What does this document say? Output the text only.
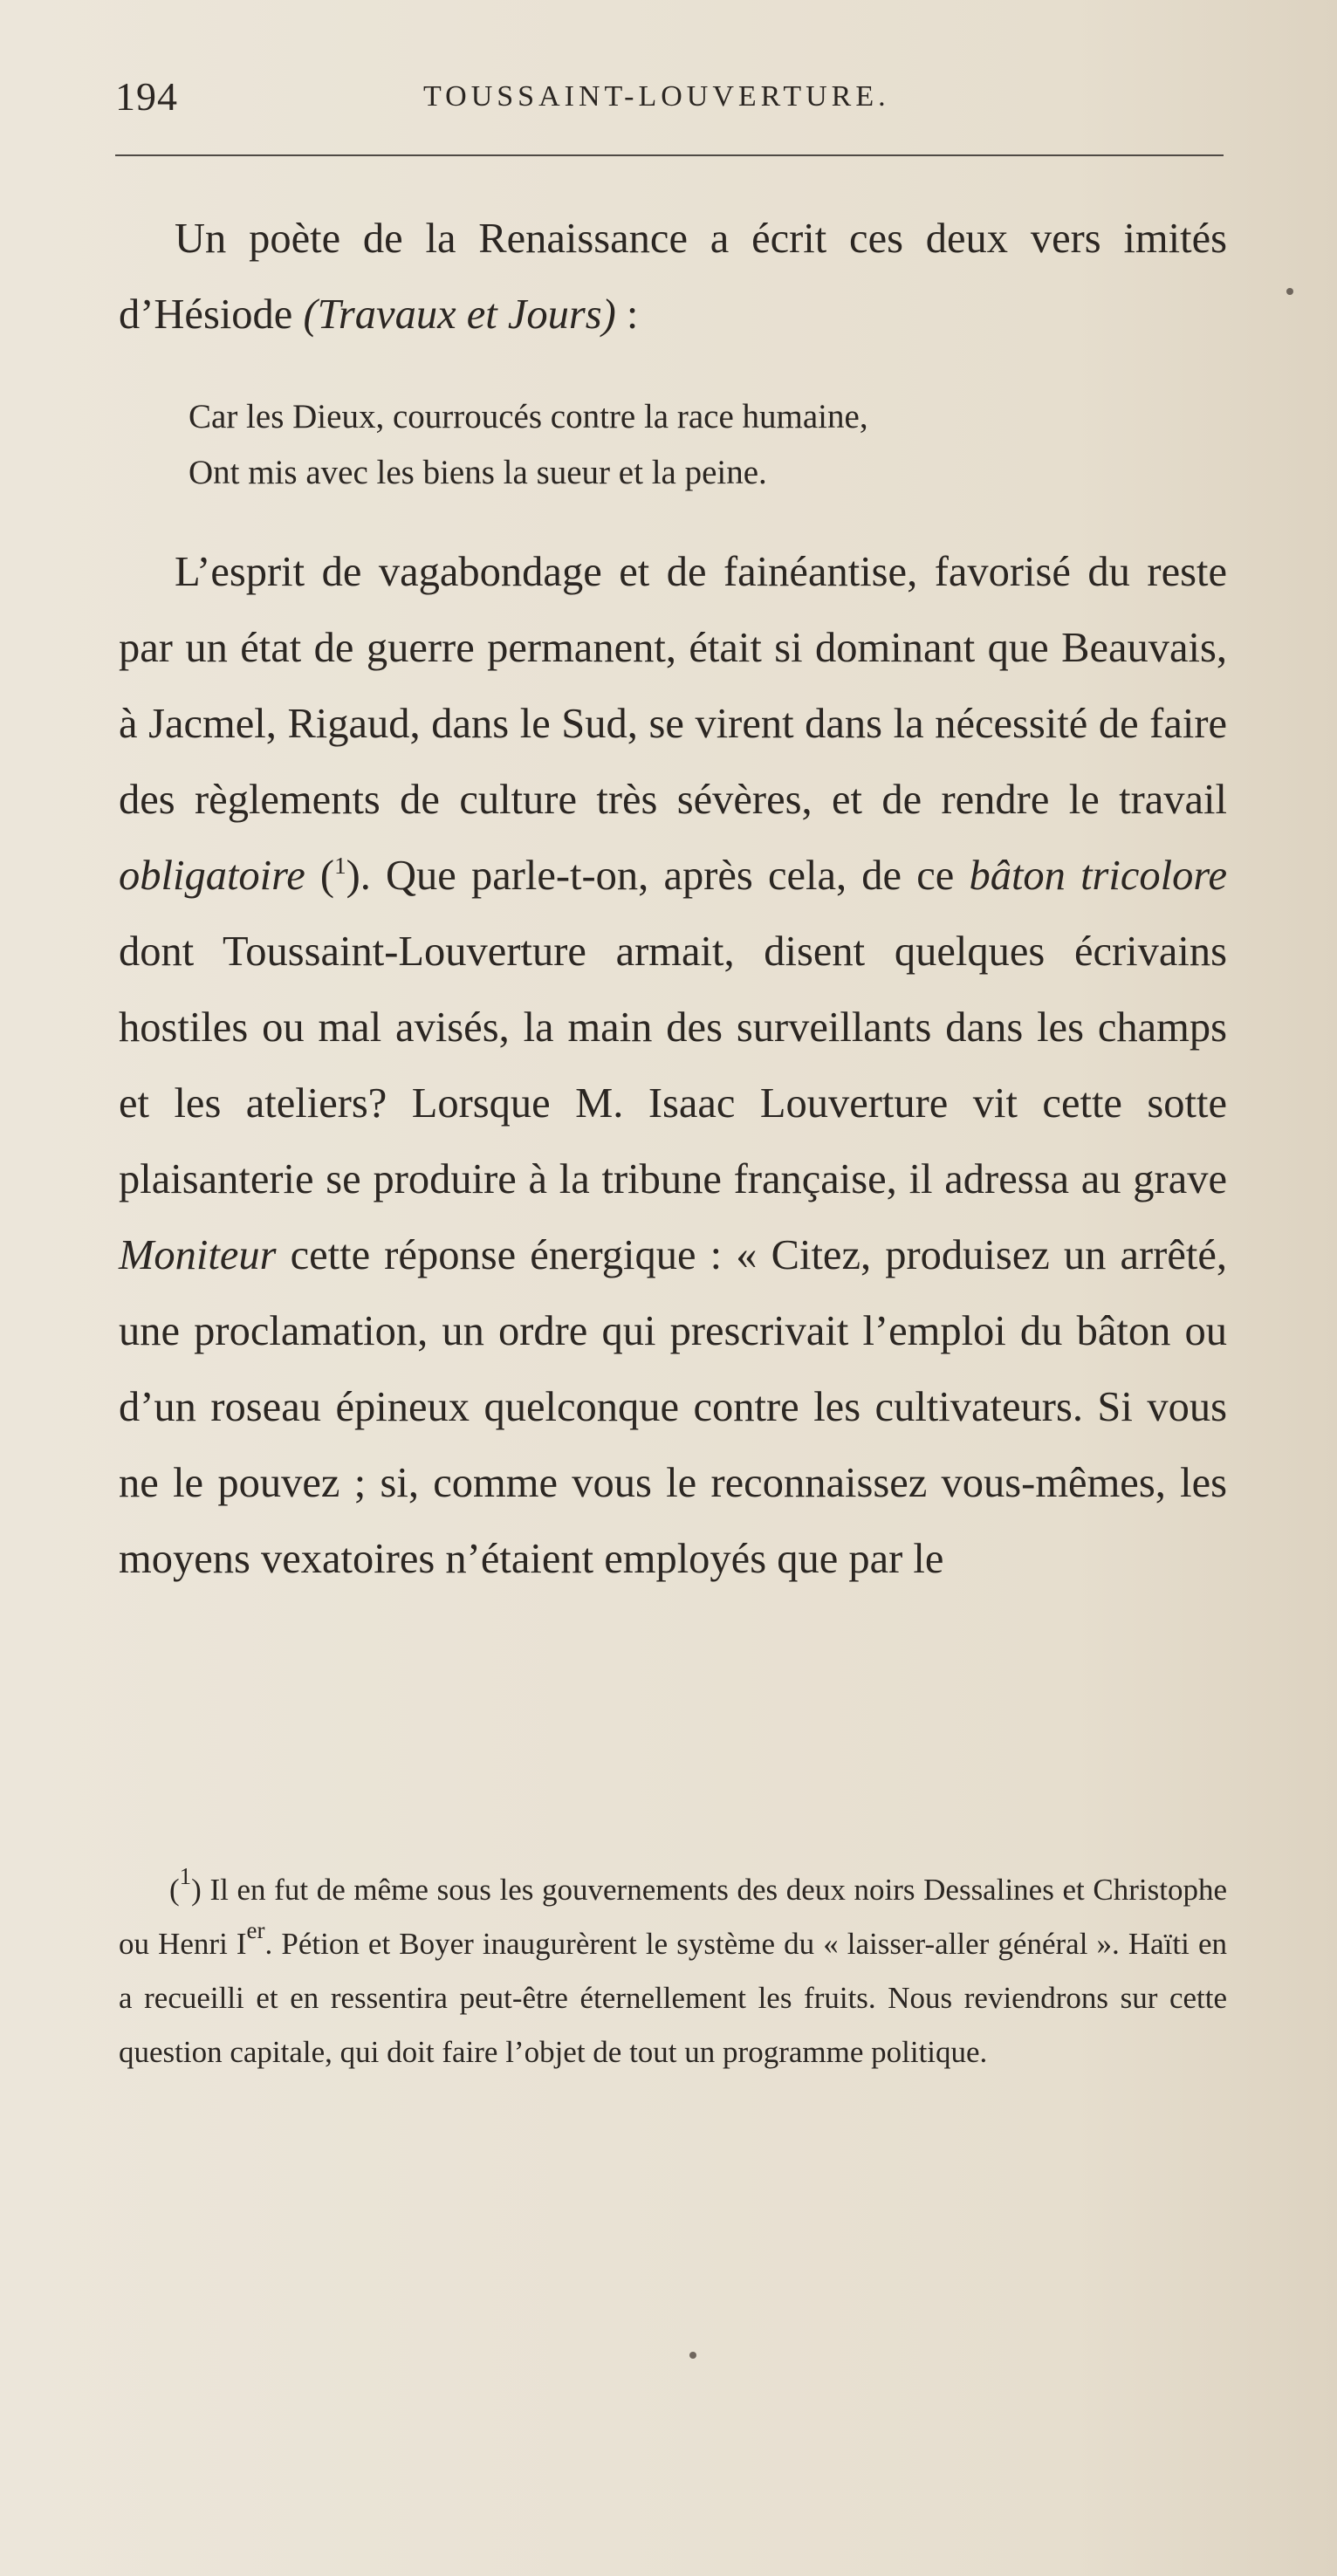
194	TOUSSAINT-LOUVERTURE.

Un poète de la Renaissance a écrit ces deux vers imités d’Hésiode (Travaux et Jours) :

Car les Dieux, courroucés contre la race humaine,
Ont mis avec les biens la sueur et la peine.

L’esprit de vagabondage et de fainéantise, favorisé du reste par un état de guerre permanent, était si dominant que Beauvais, à Jacmel, Rigaud, dans le Sud, se virent dans la nécessité de faire des règlements de culture très sévères, et de rendre le travail obligatoire ($^1$). Que parle-t-on, après cela, de ce bâton tricolore dont Toussaint-Louverture armait, disent quelques écrivains hostiles ou mal avisés, la main des surveillants dans les champs et les ateliers? Lorsque M. Isaac Louverture vit cette sotte plaisanterie se produire à la tribune française, il adressa au grave Moniteur cette réponse énergique : « Citez, produisez un arrêté, une proclamation, un ordre qui prescrivait l’emploi du bâton ou d’un roseau épineux quelconque contre les cultivateurs. Si vous ne le pouvez ; si, comme vous le reconnaissez vous-mêmes, les moyens vexatoires n’étaient employés que par le

($^1$) Il en fut de même sous les gouvernements des deux noirs Dessalines et Christophe ou Henri Ier. Pétion et Boyer inaugurèrent le système du « laisser-aller général ». Haïti en a recueilli et en ressentira peut-être éternellement les fruits. Nous reviendrons sur cette question capitale, qui doit faire l’objet de tout un programme politique.
